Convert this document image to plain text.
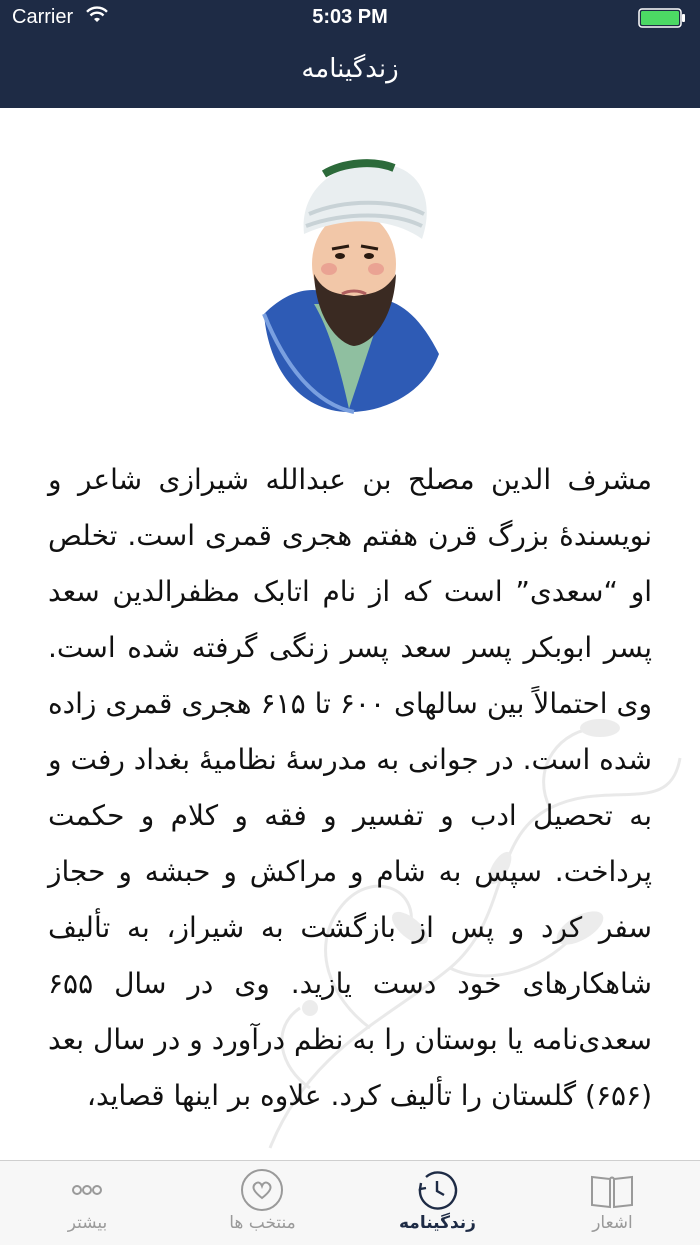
Carrier	5:03 PM
زندگینامه

مشرف الدین مصلح بن عبدالله شیرازی شاعر و نویسندهٔ بزرگ قرن هفتم هجری قمری است. تخلص او “سعدی” است که از نام اتابک مظفرالدین سعد پسر ابوبکر پسر سعد پسر زنگی گرفته شده است. وی احتمالاً بین سالهای ۶۰۰ تا ۶۱۵ هجری قمری زاده شده است. در جوانی به مدرسهٔ نظامیهٔ بغداد رفت و به تحصیل ادب و تفسیر و فقه و کلام و حکمت پرداخت. سپس به شام و مراکش و حبشه و حجاز سفر کرد و پس از بازگشت به شیراز، به تألیف شاهکارهای خود دست یازید. وی در سال ۶۵۵ سعدی‌نامه یا بوستان را به نظم درآورد و در سال بعد (۶۵۶) گلستان را تألیف کرد. علاوه بر اینها قصاید،

بیشتر	منتخب ها	زندگینامه	اشعار
